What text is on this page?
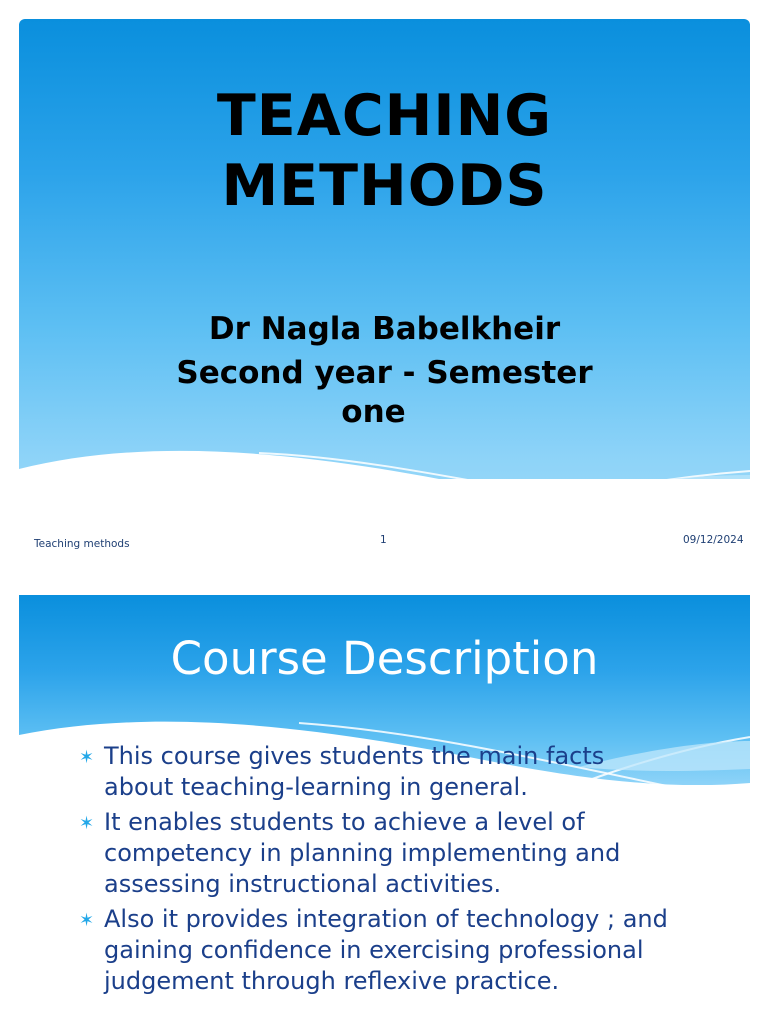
TEACHING
METHODS
Dr Nagla Babelkheir
Second year - Semester
one
Teaching methods	1	09/12/2024
Course Description
✶ This course gives students the main facts about teaching-learning in general.
✶ It enables students to achieve a level of competency in planning implementing and assessing instructional activities.
✶ Also it provides integration of technology ; and gaining confidence in exercising professional judgement through reflexive practice.
